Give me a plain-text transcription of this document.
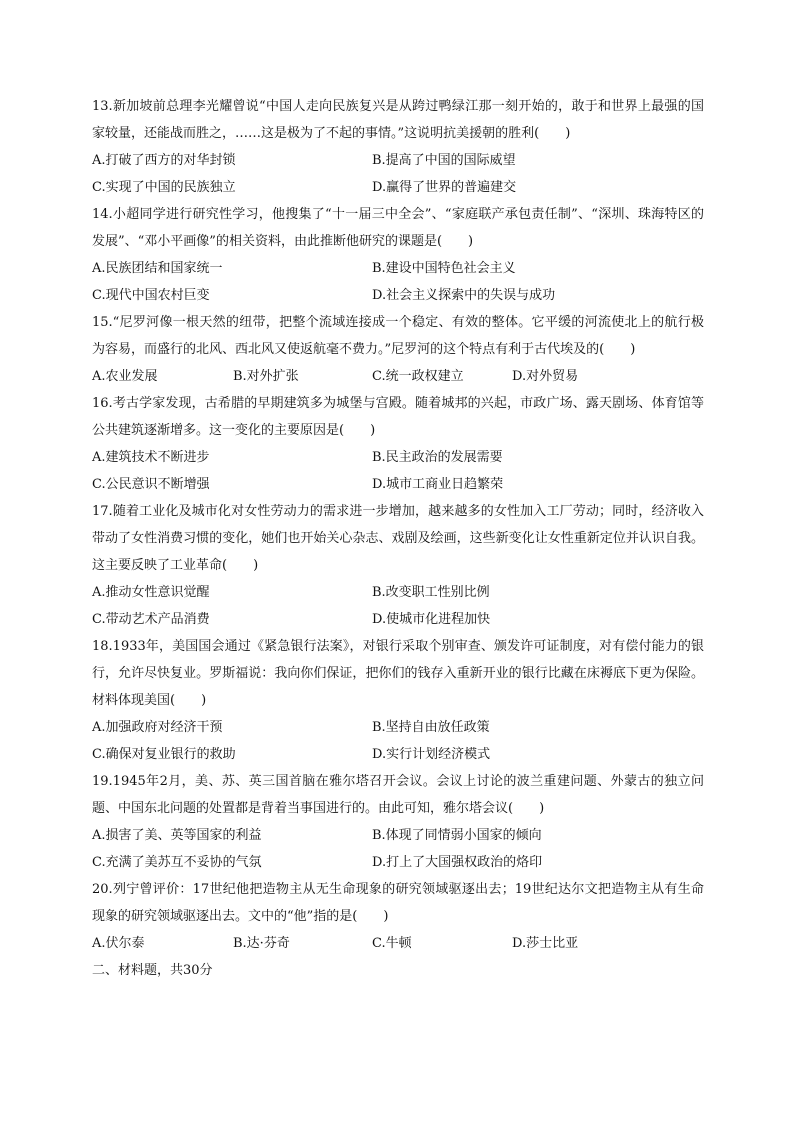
13.新加坡前总理李光耀曾说“中国人走向民族复兴是从跨过鸭绿江那一刻开始的，敢于和世界上最强的国家较量，还能战而胜之，……这是极为了不起的事情。”这说明抗美援朝的胜利(　　)
A.打破了西方的对华封锁	B.提高了中国的国际威望
C.实现了中国的民族独立	D.赢得了世界的普遍建交
14.小超同学进行研究性学习，他搜集了“十一届三中全会”、“家庭联产承包责任制”、“深圳、珠海特区的发展”、“邓小平画像”的相关资料，由此推断他研究的课题是(　　)
A.民族团结和国家统一	B.建设中国特色社会主义
C.现代中国农村巨变	D.社会主义探索中的失误与成功
15.“尼罗河像一根天然的纽带，把整个流域连接成一个稳定、有效的整体。它平缓的河流使北上的航行极为容易，而盛行的北风、西北风又使返航毫不费力。”尼罗河的这个特点有利于古代埃及的(　　)
A.农业发展	B.对外扩张	C.统一政权建立	D.对外贸易
16.考古学家发现，古希腊的早期建筑多为城堡与宫殿。随着城邦的兴起，市政广场、露天剧场、体育馆等公共建筑逐渐增多。这一变化的主要原因是(　　)
A.建筑技术不断进步	B.民主政治的发展需要
C.公民意识不断增强	D.城市工商业日趋繁荣
17.随着工业化及城市化对女性劳动力的需求进一步增加，越来越多的女性加入工厂劳动；同时，经济收入带动了女性消费习惯的变化，她们也开始关心杂志、戏剧及绘画，这些新变化让女性重新定位并认识自我。这主要反映了工业革命(　　)
A.推动女性意识觉醒	B.改变职工性别比例
C.带动艺术产品消费	D.使城市化进程加快
18.1933年，美国国会通过《紧急银行法案》，对银行采取个别审查、颁发许可证制度，对有偿付能力的银行，允许尽快复业。罗斯福说：我向你们保证，把你们的钱存入重新开业的银行比藏在床褥底下更为保险。材料体现美国(　　)
A.加强政府对经济干预	B.坚持自由放任政策
C.确保对复业银行的救助	D.实行计划经济模式
19.1945年2月，美、苏、英三国首脑在雅尔塔召开会议。会议上讨论的波兰重建问题、外蒙古的独立问题、中国东北问题的处置都是背着当事国进行的。由此可知，雅尔塔会议(　　)
A.损害了美、英等国家的利益	B.体现了同情弱小国家的倾向
C.充满了美苏互不妥协的气氛	D.打上了大国强权政治的烙印
20.列宁曾评价：17世纪他把造物主从无生命现象的研究领域驱逐出去；19世纪达尔文把造物主从有生命现象的研究领域驱逐出去。文中的“他”指的是(　　)
A.伏尔泰	B.达·芬奇	C.牛顿	D.莎士比亚
二、材料题，共30分
